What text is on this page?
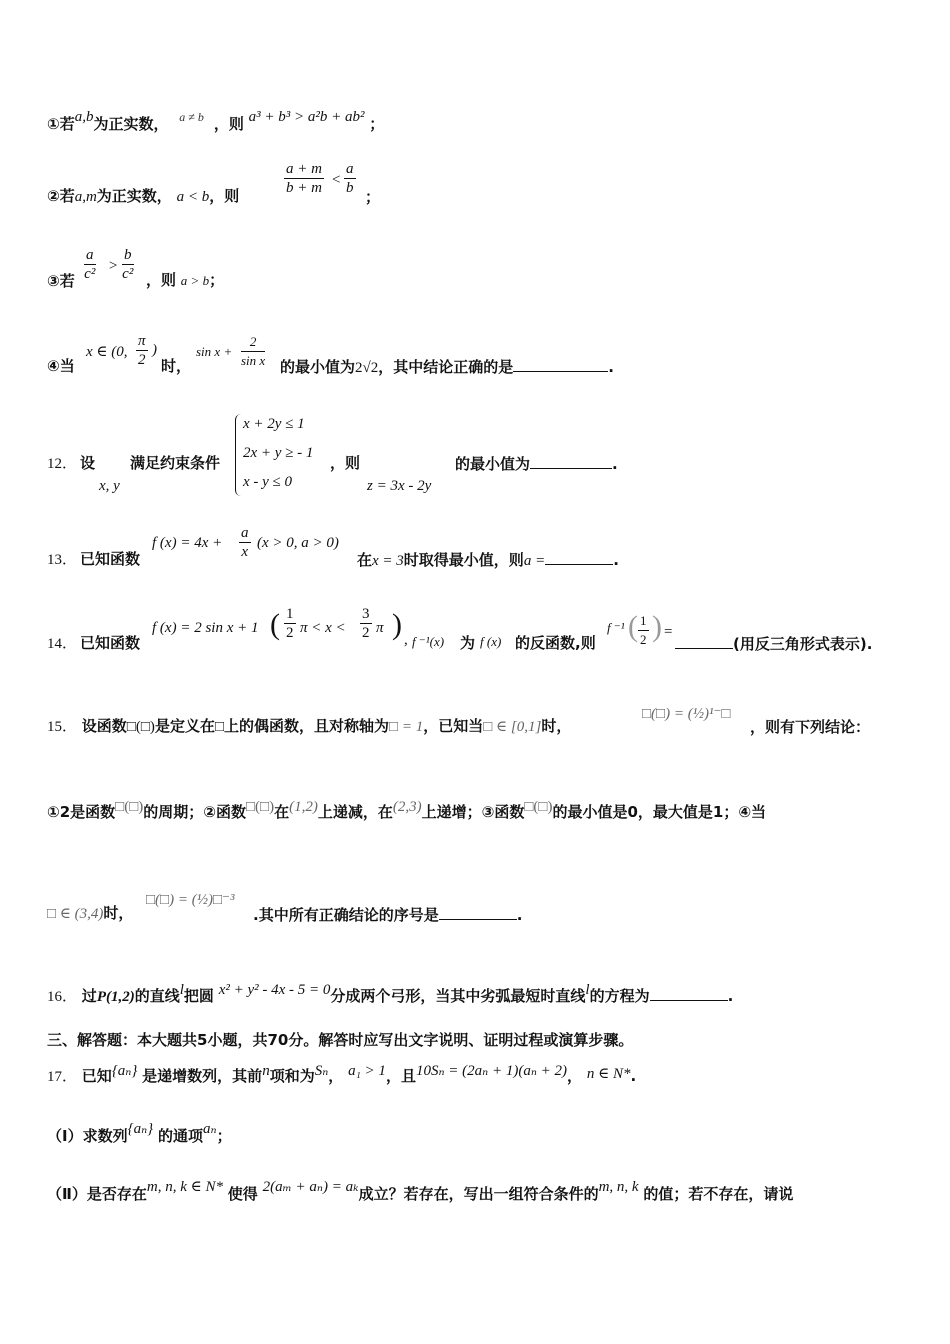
①若a,b为正实数， $^{a \ne b}$ ，则 a³ + b³ > a²b + ab² ；
②若a,m为正实数， a < b，则	$\frac{a + m}{b + m} < \frac{a}{b}$ ；
③若 $\frac{a}{\text{c²}} > \frac{b}{\text{c²}}$ ，则 a > b；
④当
x ∈ (0, $\frac{\pi}{2}$ )
时，
$\sin x + \frac{2}{\text{sin x}}$ 的最小值为2√2，其中结论正确的是	.
12． 设
x, y
满足约束条件
x + 2y ≤ 1
2x + y ≥ - 1
x - y ≤ 0
，则
z = 3x - 2y
的最小值为	.
13． 已知函数
f $(x) = 4x + \frac{a}{x} (x > 0$, a > 0)
在x = 3时取得最小值，则a =	.
14． 已知函数
f (x) = 2 sin x + 1 ( $\frac{1}{2}$ $\pi < x < \frac{3}{2}$ π ) , f ⁻¹(x) 为 f (x) 的反函数,则
f ⁻¹ ( $\frac{1}{2}$ ) =
(用反三角形式表示).
15． 设函数□(□)是定义在□上的偶函数，且对称轴为□ = 1，已知当□ ∈ [0,1]时，
□(□) = (½)¹⁻□
，则有下列结论：
①2是函数□(□)的周期；②函数□(□)在(1,2)上递减，在(2,3)上递增；③函数□(□)的最小值是0，最大值是1；④当
□ ∈ (3,4)时，
□(□) = (½)□⁻³
.其中所有正确结论的序号是	.
16． 过P(1,2)的直线l把圆 x² + y² - 4x - 5 = 0分成两个弓形，当其中劣弧最短时直线l的方程为	.
三、解答题：本大题共5小题，共70分。解答时应写出文字说明、证明过程或演算步骤。
17． 已知{aₙ} 是递增数列，其前n项和为Sₙ， a₁ > 1，且10Sₙ = (2aₙ + 1)(aₙ + 2)， n ∈ N*.
（Ⅰ）求数列{aₙ} 的通项aₙ；
（Ⅱ）是否存在m, n, k ∈ N* 使得 2(aₘ + aₙ) = aₖ成立？若存在，写出一组符合条件的m, n, k 的值；若不存在，请说
